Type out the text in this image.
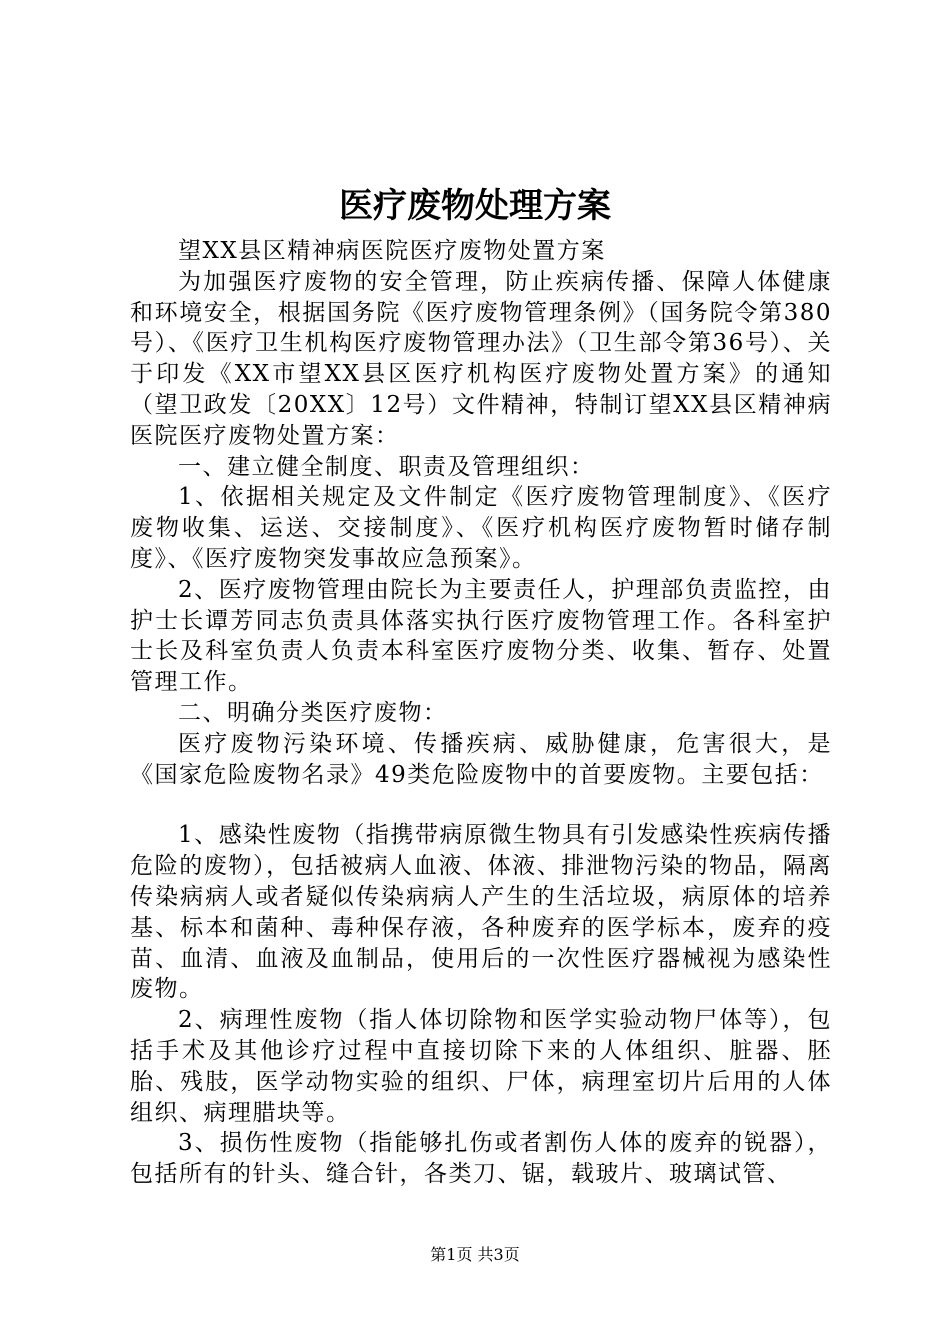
医疗废物处理方案

望XX县区精神病医院医疗废物处置方案

为加强医疗废物的安全管理，防止疾病传播、保障人体健康和环境安全，根据国务院《医疗废物管理条例》（国务院令第380号）、《医疗卫生机构医疗废物管理办法》（卫生部令第36号）、关于印发《XX市望XX县区医疗机构医疗废物处置方案》的通知（望卫政发〔20XX〕12号）文件精神，特制订望XX县区精神病医院医疗废物处置方案：

一、建立健全制度、职责及管理组织：

1、依据相关规定及文件制定《医疗废物管理制度》、《医疗废物收集、运送、交接制度》、《医疗机构医疗废物暂时储存制度》、《医疗废物突发事故应急预案》。

2、医疗废物管理由院长为主要责任人，护理部负责监控，由护士长谭芳同志负责具体落实执行医疗废物管理工作。各科室护士长及科室负责人负责本科室医疗废物分类、收集、暂存、处置管理工作。

二、明确分类医疗废物：

医疗废物污染环境、传播疾病、威胁健康，危害很大，是《国家危险废物名录》49类危险废物中的首要废物。主要包括：

1、感染性废物（指携带病原微生物具有引发感染性疾病传播危险的废物），包括被病人血液、体液、排泄物污染的物品，隔离传染病病人或者疑似传染病病人产生的生活垃圾，病原体的培养基、标本和菌种、毒种保存液，各种废弃的医学标本，废弃的疫苗、血清、血液及血制品，使用后的一次性医疗器械视为感染性废物。

2、病理性废物（指人体切除物和医学实验动物尸体等），包括手术及其他诊疗过程中直接切除下来的人体组织、脏器、胚胎、残肢，医学动物实验的组织、尸体，病理室切片后用的人体组织、病理腊块等。

3、损伤性废物（指能够扎伤或者割伤人体的废弃的锐器），包括所有的针头、缝合针，各类刀、锯，载玻片、玻璃试管、

第1页 共3页
